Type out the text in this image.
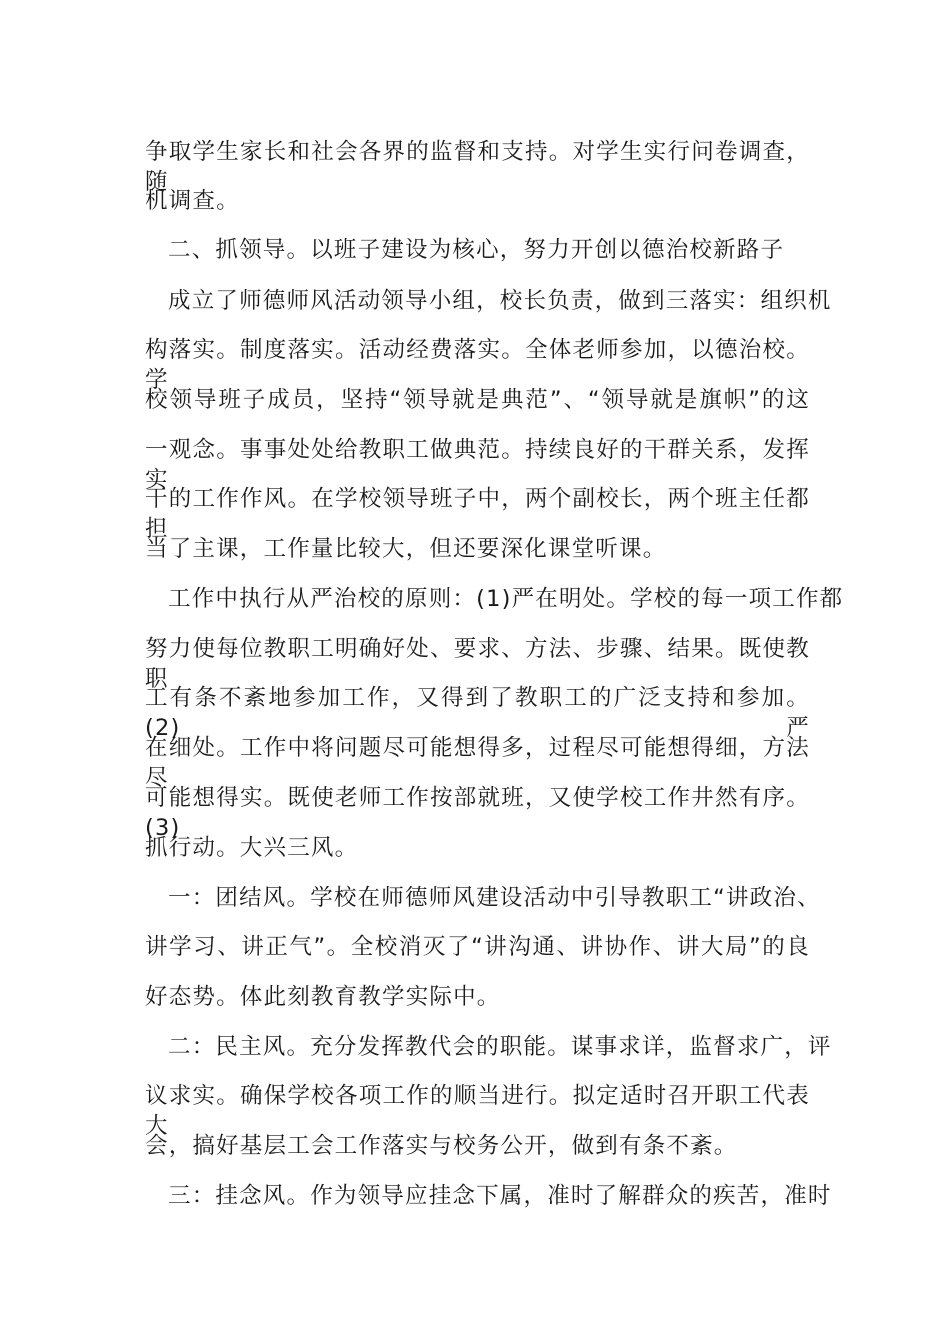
争取学生家长和社会各界的监督和支持。对学生实行问卷调查，随
机调查。
二、抓领导。以班子建设为核心，努力开创以德治校新路子
成立了师德师风活动领导小组，校长负责，做到三落实：组织机
构落实。制度落实。活动经费落实。全体老师参加，以德治校。学
校领导班子成员，坚持“领导就是典范”、“领导就是旗帜”的这
一观念。事事处处给教职工做典范。持续良好的干群关系，发挥实
干的工作作风。在学校领导班子中，两个副校长，两个班主任都担
当了主课，工作量比较大，但还要深化课堂听课。
工作中执行从严治校的原则：(1)严在明处。学校的每一项工作都
努力使每位教职工明确好处、要求、方法、步骤、结果。既使教职
工有条不紊地参加工作，又得到了教职工的广泛支持和参加。(2)严
在细处。工作中将问题尽可能想得多，过程尽可能想得细，方法尽
可能想得实。既使老师工作按部就班，又使学校工作井然有序。(3)
抓行动。大兴三风。
一：团结风。学校在师德师风建设活动中引导教职工“讲政治、
讲学习、讲正气”。全校消灭了“讲沟通、讲协作、讲大局”的良
好态势。体此刻教育教学实际中。
二：民主风。充分发挥教代会的职能。谋事求详，监督求广，评
议求实。确保学校各项工作的顺当进行。拟定适时召开职工代表大
会，搞好基层工会工作落实与校务公开，做到有条不紊。
三：挂念风。作为领导应挂念下属，准时了解群众的疾苦，准时
